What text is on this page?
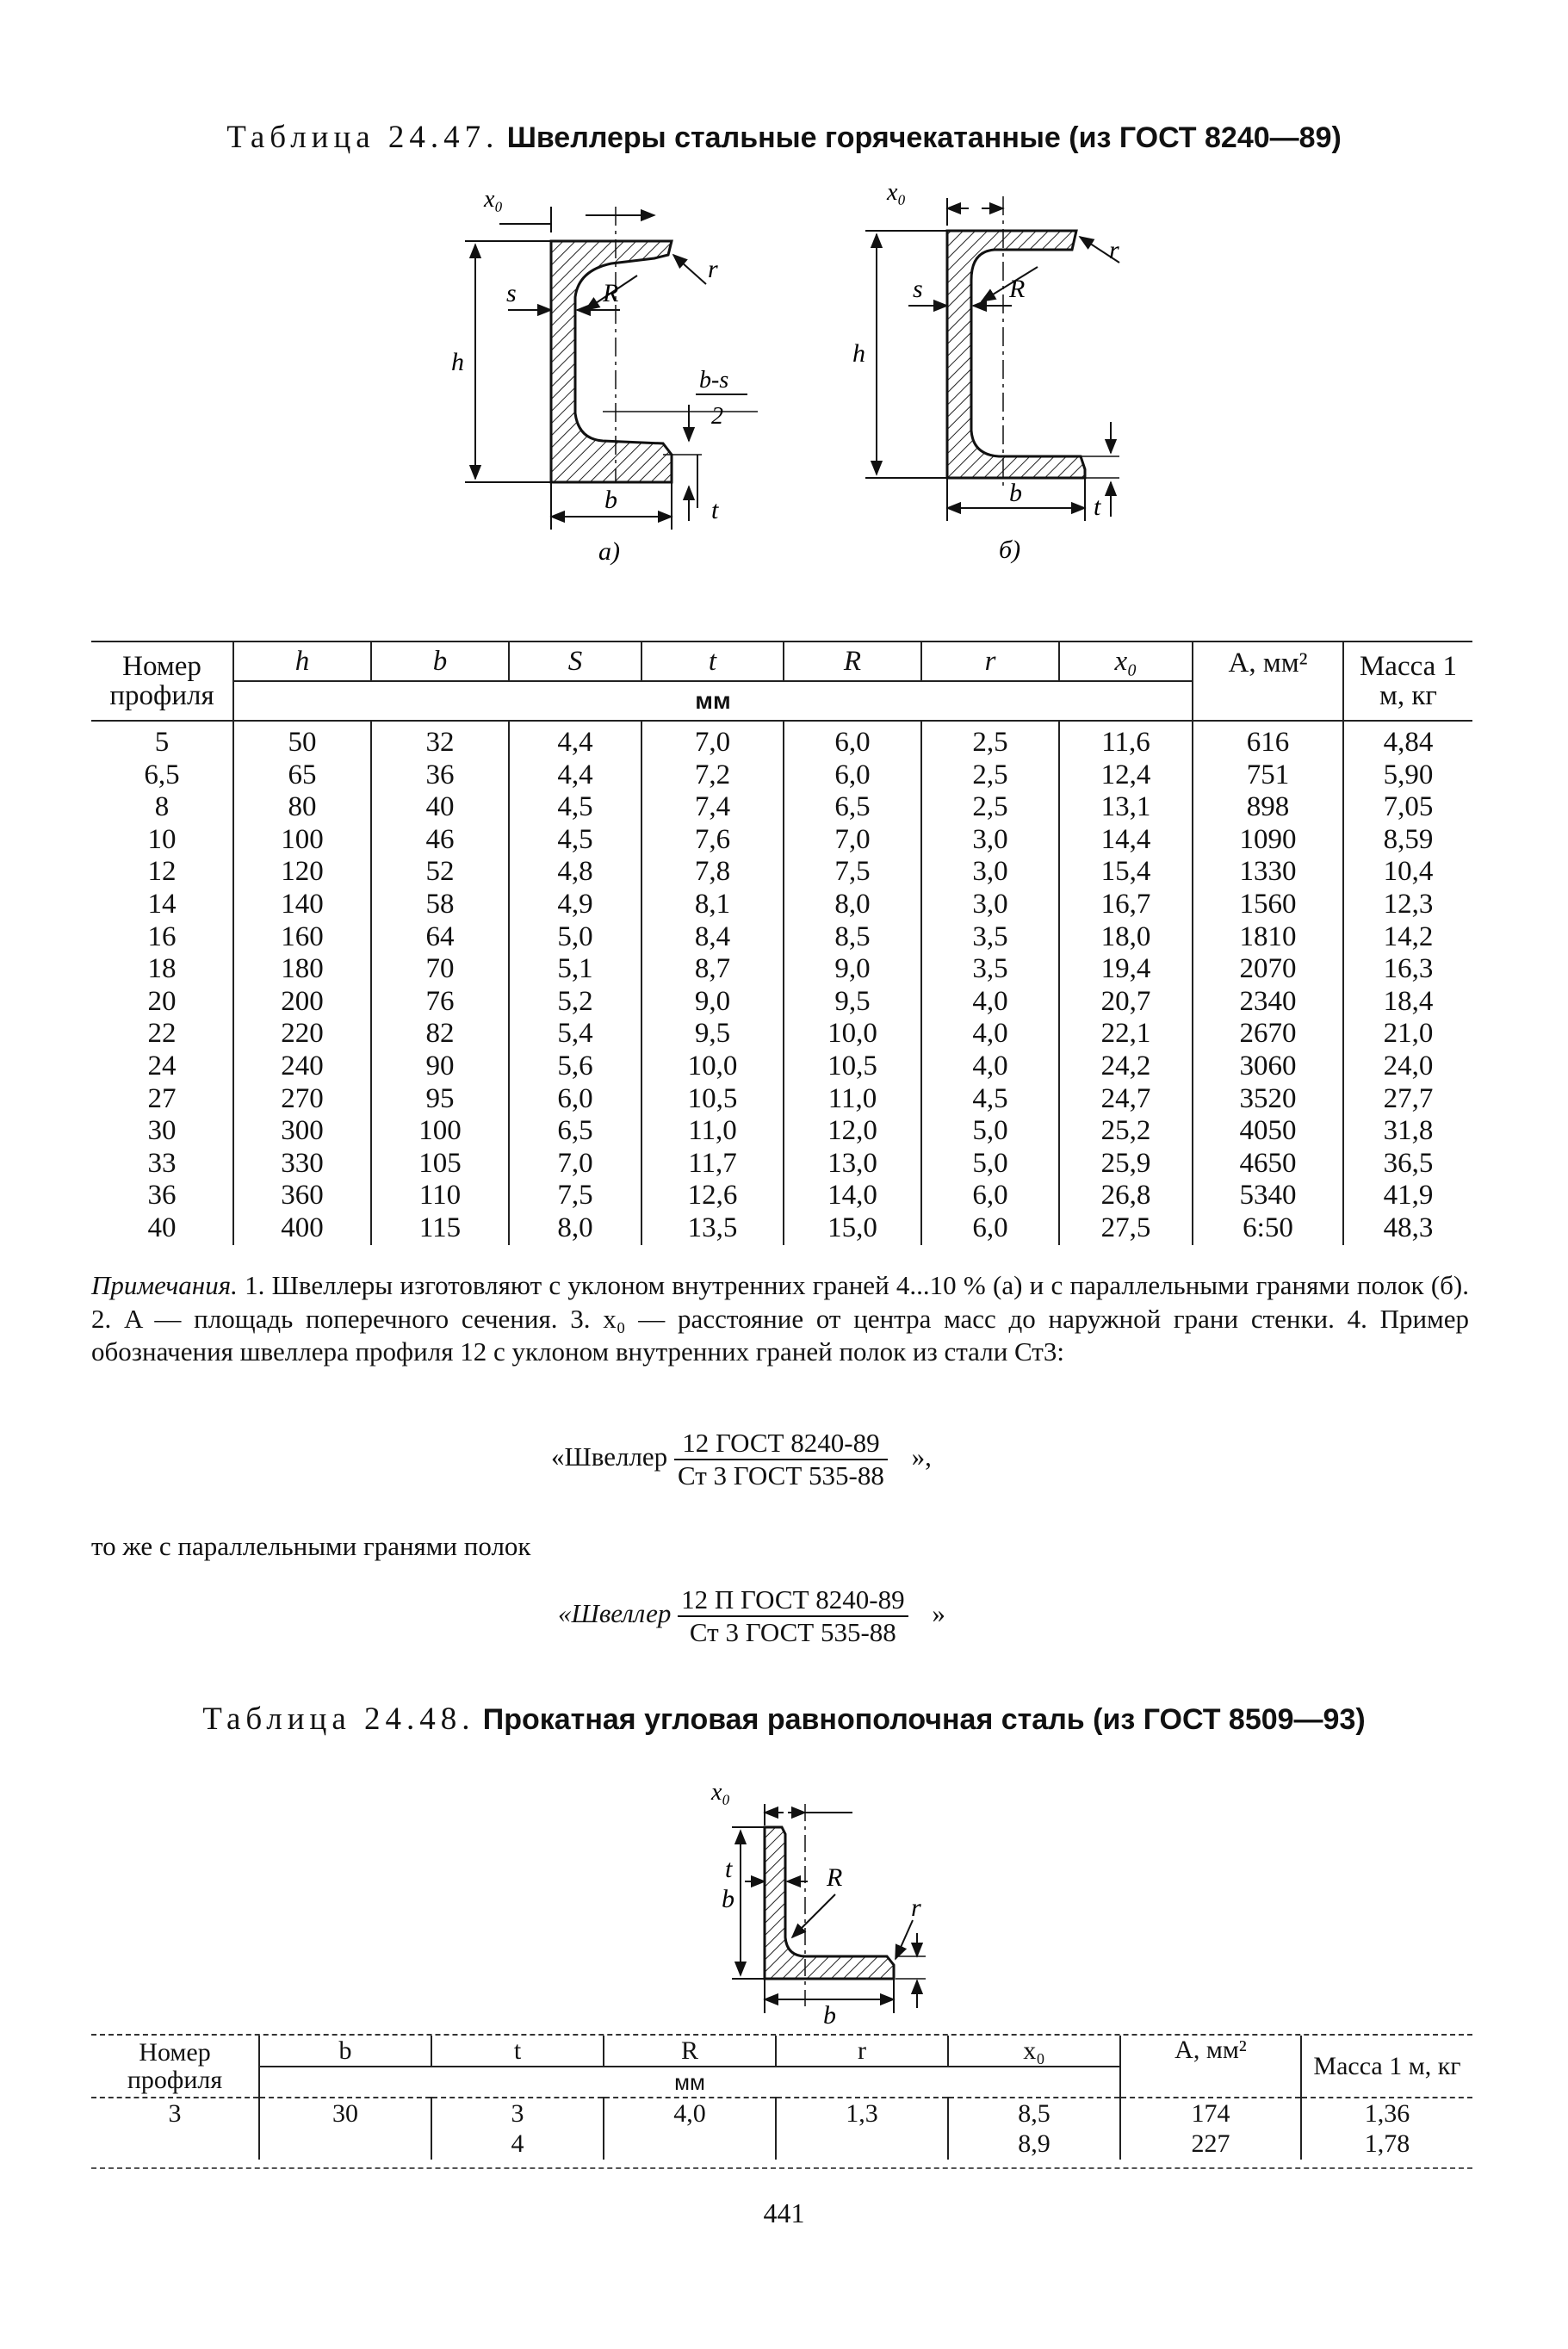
Таблица 24.47. Швеллеры стальные горячекатанные (из ГОСТ 8240—89)
x₀
h
s	R
r
t
b
b-s
2
а)
x₀
h
s	R
r
t
b
б)
Номер профиля	h	b	S	t	R	r	x₀	A, мм²	Масса 1 м, кг
	мм								
5	50	32	4,4	7,0	6,0	2,5	11,6	616	4,84
6,5	65	36	4,4	7,2	6,0	2,5	12,4	751	5,90
8	80	40	4,5	7,4	6,5	2,5	13,1	898	7,05
10	100	46	4,5	7,6	7,0	3,0	14,4	1090	8,59
12	120	52	4,8	7,8	7,5	3,0	15,4	1330	10,4
14	140	58	4,9	8,1	8,0	3,0	16,7	1560	12,3
16	160	64	5,0	8,4	8,5	3,5	18,0	1810	14,2
18	180	70	5,1	8,7	9,0	3,5	19,4	2070	16,3
20	200	76	5,2	9,0	9,5	4,0	20,7	2340	18,4
22	220	82	5,4	9,5	10,0	4,0	22,1	2670	21,0
24	240	90	5,6	10,0	10,5	4,0	24,2	3060	24,0
27	270	95	6,0	10,5	11,0	4,5	24,7	3520	27,7
30	300	100	6,5	11,0	12,0	5,0	25,2	4050	31,8
33	330	105	7,0	11,7	13,0	5,0	25,9	4650	36,5
36	360	110	7,5	12,6	14,0	6,0	26,8	5340	41,9
40	400	115	8,0	13,5	15,0	6,0	27,5	6:50	48,3
Примечания. 1. Швеллеры изготовляют с уклоном внутренних граней 4...10 % (а) и с параллельными гранями полок (б). 2. A — площадь поперечного сечения. 3. x₀ — расстояние от центра масс до наружной грани стенки. 4. Пример обозначения швеллера профиля 12 с уклоном внутренних граней полок из стали Ст3:
«Швеллер $\frac{\text{12 ГОСТ 8240-89}}{\text{Ст 3 ГОСТ 535-88}}$ »,
то же с параллельными гранями полок
«Швеллер $\frac{\text{12 П ГОСТ 8240-89}}{\text{Ст 3 ГОСТ 535-88}}$ »
Таблица 24.48. Прокатная угловая равнополочная сталь (из ГОСТ 8509—93)
x₀
b
t	R
r
b
Номер профиля	b	t	R	r	x₀	A, мм²	Масса 1 м, кг
	мм						
3	30	3	4,0	1,3	8,5	174	1,36
		4			8,9	227	1,78
441
